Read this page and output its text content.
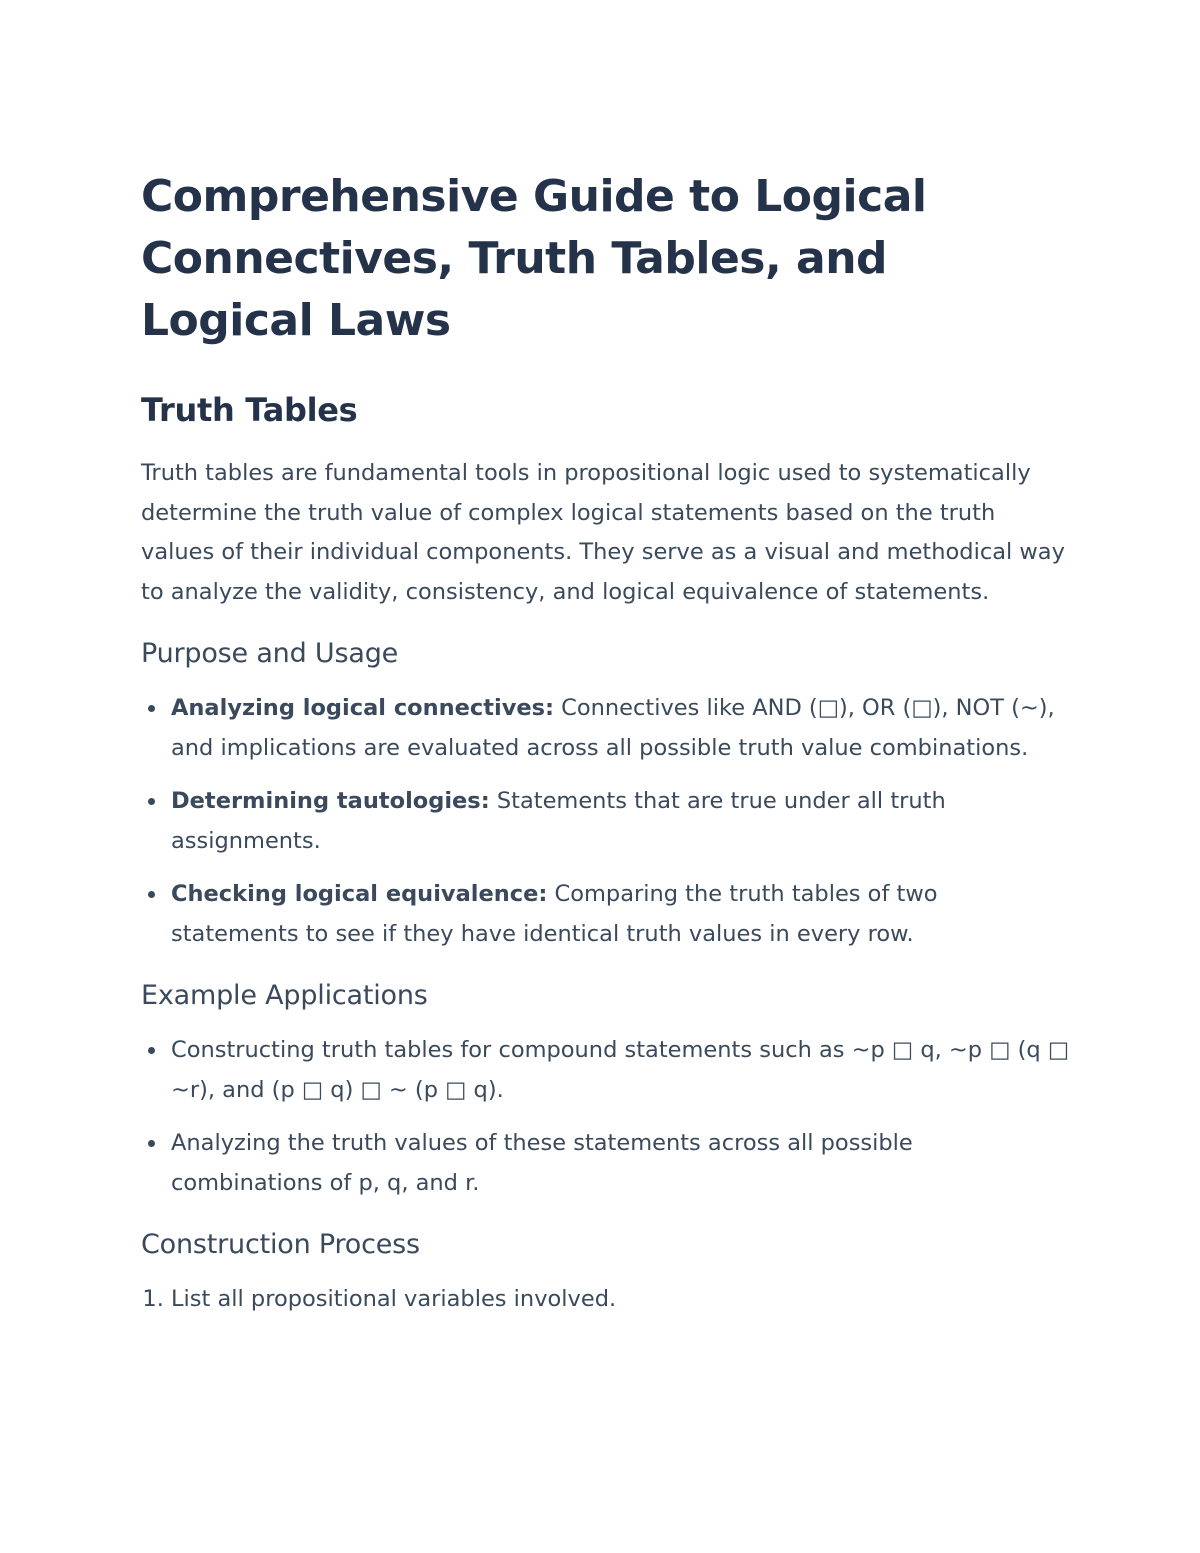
Comprehensive Guide to Logical Connectives, Truth Tables, and Logical Laws
Truth Tables

Truth tables are fundamental tools in propositional logic used to systematically determine the truth value of complex logical statements based on the truth values of their individual components. They serve as a visual and methodical way to analyze the validity, consistency, and logical equivalence of statements.

Purpose and Usage
Analyzing logical connectives: Connectives like AND (□), OR (□), NOT (~), and implications are evaluated across all possible truth value combinations.
Determining tautologies: Statements that are true under all truth assignments.
Checking logical equivalence: Comparing the truth tables of two statements to see if they have identical truth values in every row.
Example Applications
Constructing truth tables for compound statements such as ~p □ q, ~p □ (q □ ~r), and (p □ q) □ ~ (p □ q).
Analyzing the truth values of these statements across all possible combinations of p, q, and r.
Construction Process
1. List all propositional variables involved.
